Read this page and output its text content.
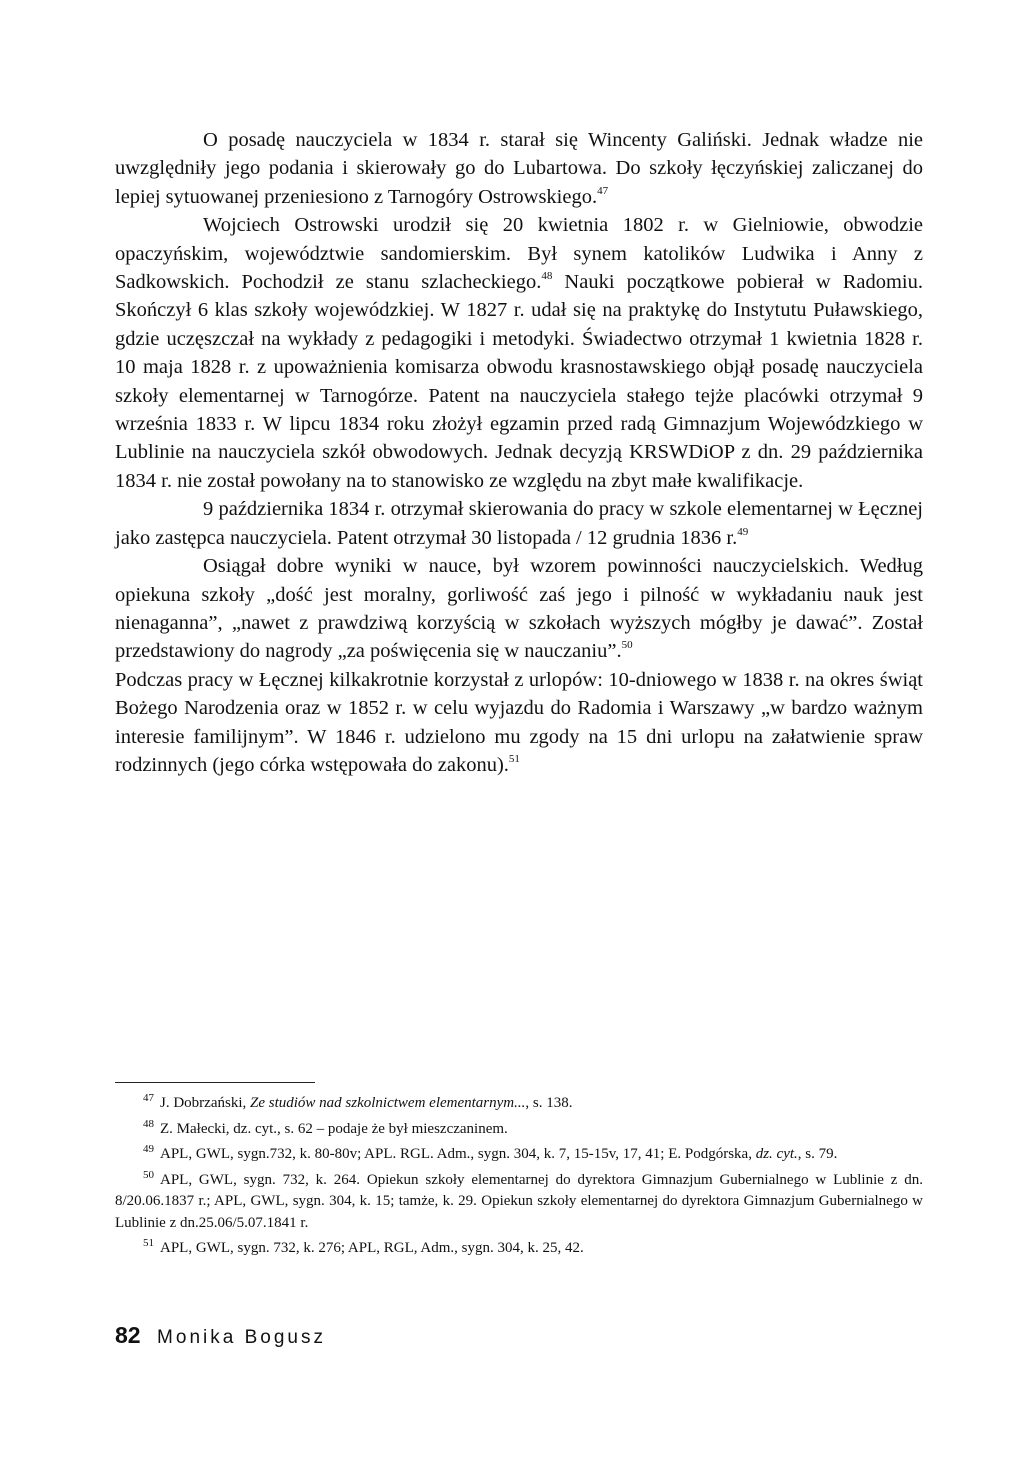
O posadę nauczyciela w 1834 r. starał się Wincenty Galiński. Jednak władze nie uwzględniły jego podania i skierowały go do Lubartowa. Do szkoły łęczyńskiej zaliczanej do lepiej sytuowanej przeniesiono z Tarnogóry Ostrowskiego.$^{47}$

Wojciech Ostrowski urodził się 20 kwietnia 1802 r. w Gielniowie, obwodzie opaczyńskim, województwie sandomierskim. Był synem katolików Ludwika i Anny z Sadkowskich. Pochodził ze stanu szlacheckiego.$^{48}$ Nauki początkowe pobierał w Radomiu. Skończył 6 klas szkoły wojewódzkiej. W 1827 r. udał się na praktykę do Instytutu Puławskiego, gdzie uczęszczał na wykłady z pedagogiki i metodyki. Świadectwo otrzymał 1 kwietnia 1828 r. 10 maja 1828 r. z upoważnienia komisarza obwodu krasnostawskiego objął posadę nauczyciela szkoły elementarnej w Tarnogórze. Patent na nauczyciela stałego tejże placówki otrzymał 9 września 1833 r. W lipcu 1834 roku złożył egzamin przed radą Gimnazjum Wojewódzkiego w Lublinie na nauczyciela szkół obwodowych. Jednak decyzją KRSWDiOP z dn. 29 października 1834 r. nie został powołany na to stanowisko ze względu na zbyt małe kwalifikacje.

9 października 1834 r. otrzymał skierowania do pracy w szkole elementarnej w Łęcznej jako zastępca nauczyciela. Patent otrzymał 30 listopada / 12 grudnia 1836 r.$^{49}$

Osiągał dobre wyniki w nauce, był wzorem powinności nauczycielskich. Według opiekuna szkoły „dość jest moralny, gorliwość zaś jego i pilność w wykładaniu nauk jest nienaganna”, „nawet z prawdziwą korzyścią w szkołach wyższych mógłby je dawać”. Został przedstawiony do nagrody „za poświęcenia się w nauczaniu”.$^{50}$

Podczas pracy w Łęcznej kilkakrotnie korzystał z urlopów: 10-dniowego w 1838 r. na okres świąt Bożego Narodzenia oraz w 1852 r. w celu wyjazdu do Radomia i Warszawy „w bardzo ważnym interesie familijnym”. W 1846 r. udzielono mu zgody na 15 dni urlopu na załatwienie spraw rodzinnych (jego córka wstępowała do zakonu).$^{51}$

$^{47}$ J. Dobrzański, Ze studiów nad szkolnictwem elementarnym..., s. 138.
$^{48}$ Z. Małecki, dz. cyt., s. 62 – podaje że był mieszczaninem.
$^{49}$ APL, GWL, sygn.732, k. 80-80v; APL. RGL. Adm., sygn. 304, k. 7, 15-15v, 17, 41; E. Podgórska, dz. cyt., s. 79.
$^{50}$ APL, GWL, sygn. 732, k. 264. Opiekun szkoły elementarnej do dyrektora Gimnazjum Gubernialnego w Lublinie z dn. 8/20.06.1837 r.; APL, GWL, sygn. 304, k. 15; tamże, k. 29. Opiekun szkoły elementarnej do dyrektora Gimnazjum Gubernialnego w Lublinie z dn.25.06/5.07.1841 r.
$^{51}$ APL, GWL, sygn. 732, k. 276; APL, RGL, Adm., sygn. 304, k. 25, 42.
82 Monika Bogusz
